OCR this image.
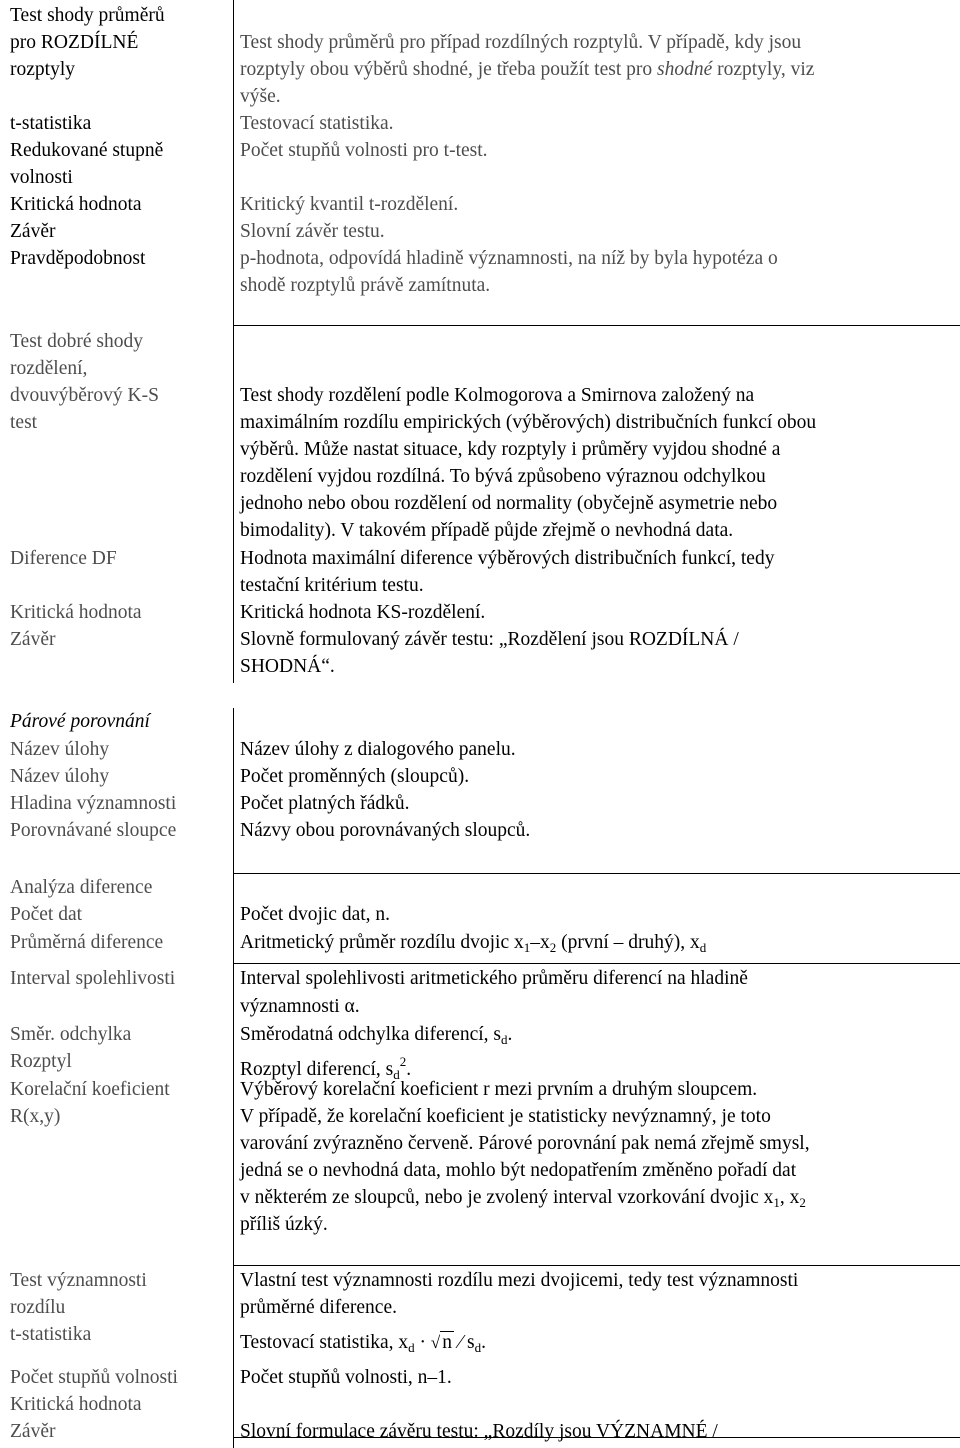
Test shody průměrů
pro ROZDÍLNÉ
rozptyly
t-statistika
Redukované stupně
volnosti
Kritická hodnota
Závěr
Pravděpodobnost
Test shody průměrů pro případ rozdílných rozptylů. V případě, kdy jsou
rozptyly obou výběrů shodné, je třeba použít test pro shodné rozptyly, viz
výše.
Testovací statistika.
Počet stupňů volnosti pro t-test.
Kritický kvantil t-rozdělení.
Slovní závěr testu.
p-hodnota, odpovídá hladině významnosti, na níž by byla hypotéza o
shodě rozptylů právě zamítnuta.
Test dobré shody
rozdělení,
dvouvýběrový K-S
test
Diference DF
Kritická hodnota
Závěr
Test shody rozdělení podle Kolmogorova a Smirnova založený na
maximálním rozdílu empirických (výběrových) distribučních funkcí obou
výběrů. Může nastat situace, kdy rozptyly i průměry vyjdou shodné a
rozdělení vyjdou rozdílná. To bývá způsobeno výraznou odchylkou
jednoho nebo obou rozdělení od normality (obyčejně asymetrie nebo
bimodality). V takovém případě půjde zřejmě o nevhodná data.
Hodnota maximální diference výběrových distribučních funkcí, tedy
testační kritérium testu.
Kritická hodnota KS-rozdělení.
Slovně formulovaný závěr testu: „Rozdělení jsou ROZDÍLNÁ /
SHODNÁ“.
Párové porovnání
Název úlohy
Název úlohy
Hladina významnosti
Porovnávané sloupce
Název úlohy z dialogového panelu.
Počet proměnných (sloupců).
Počet platných řádků.
Názvy obou porovnávaných sloupců.
Analýza diference
Počet dat
Průměrná diference
Interval spolehlivosti
Směr. odchylka
Rozptyl
Korelační koeficient
R(x,y)
Počet dvojic dat, n.
Aritmetický průměr rozdílu dvojic $x_1-x_2$ (první – druhý), $x_d$
Interval spolehlivosti aritmetického průměru diferencí na hladině
významnosti α.
Směrodatná odchylka diferencí, $s_d$.
Rozptyl diferencí, $s_d^2$.
Výběrový korelační koeficient r mezi prvním a druhým sloupcem.
V případě, že korelační koeficient je statisticky nevýznamný, je toto
varování zvýrazněno červeně. Párové porovnání pak nemá zřejmě smysl,
jedná se o nevhodná data, mohlo být nedopatřením změněno pořadí dat
v některém ze sloupců, nebo je zvolený interval vzorkování dvojic $x_1$, $x_2$
příliš úzký.
Test významnosti
rozdílu
t-statistika
Počet stupňů volnosti
Kritická hodnota
Závěr
Vlastní test významnosti rozdílu mezi dvojicemi, tedy test významnosti
průměrné diference.
Testovací statistika, $x_d$ · √ n ⁄ $s_d$.
Počet stupňů volnosti, n–1.
Slovní formulace závěru testu: „Rozdíly jsou VÝZNAMNÉ /
